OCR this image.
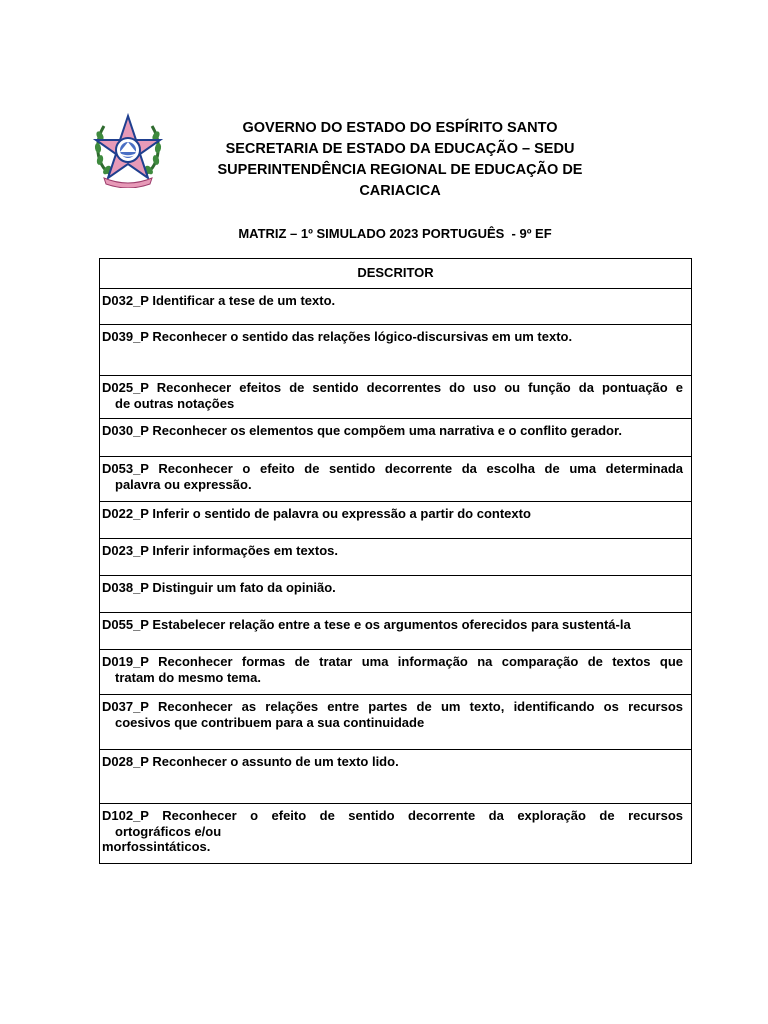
GOVERNO DO ESTADO DO ESPÍRITO SANTO
SECRETARIA DE ESTADO DA EDUCAÇÃO – SEDU
SUPERINTENDÊNCIA REGIONAL DE EDUCAÇÃO DE
CARIACICA
MATRIZ – 1º SIMULADO 2023 PORTUGUÊS  - 9º EF
DESCRITOR

D032_P Identificar a tese de um texto.

D039_P Reconhecer o sentido das relações lógico-discursivas em um texto.

D025_P Reconhecer efeitos de sentido decorrentes do uso ou função da pontuação e
de outras notações

D030_P Reconhecer os elementos que compõem uma narrativa e o conflito gerador.

D053_P Reconhecer o efeito de sentido decorrente da escolha de uma determinada
palavra ou expressão.

D022_P Inferir o sentido de palavra ou expressão a partir do contexto

D023_P Inferir informações em textos.

D038_P Distinguir um fato da opinião.

D055_P Estabelecer relação entre a tese e os argumentos oferecidos para sustentá-la

D019_P Reconhecer formas de tratar uma informação na comparação de textos que
tratam do mesmo tema.

D037_P Reconhecer as relações entre partes de um texto, identificando os recursos
coesivos que contribuem para a sua continuidade

D028_P Reconhecer o assunto de um texto lido.

D102_P Reconhecer o efeito de sentido decorrente da exploração de recursos
ortográficos e/ou
morfossintáticos.
